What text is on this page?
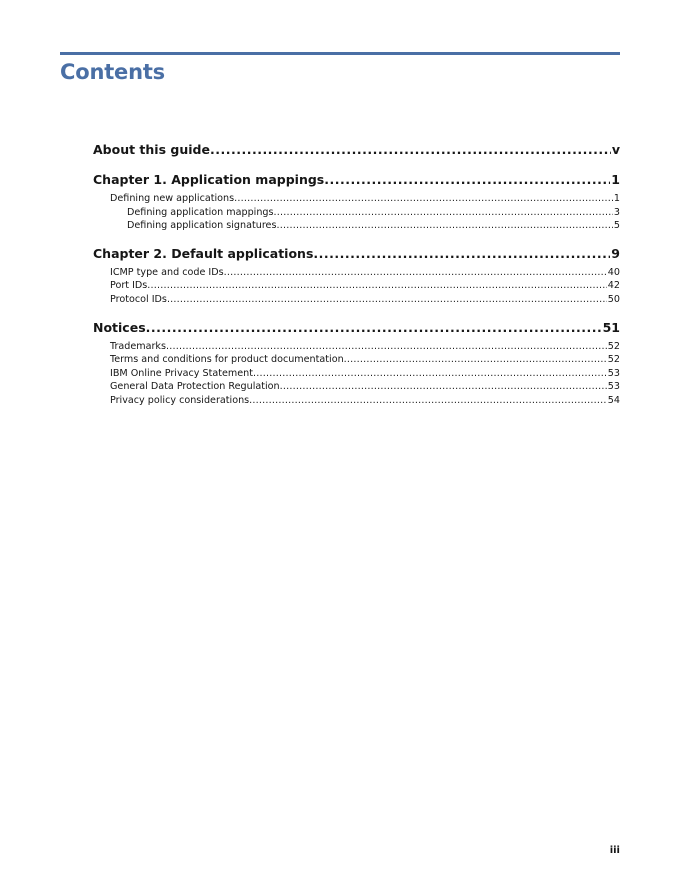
Contents
About this guide .....	v
Chapter 1. Application mappings .....	1
Defining new applications .....	1
Defining application mappings .....	3
Defining application signatures .....	5
Chapter 2. Default applications .....	9
ICMP type and code IDs .....	40
Port IDs .....	42
Protocol IDs .....	50
Notices .....	51
Trademarks .....	52
Terms and conditions for product documentation .....	52
IBM Online Privacy Statement .....	53
General Data Protection Regulation .....	53
Privacy policy considerations .....	54
iii
